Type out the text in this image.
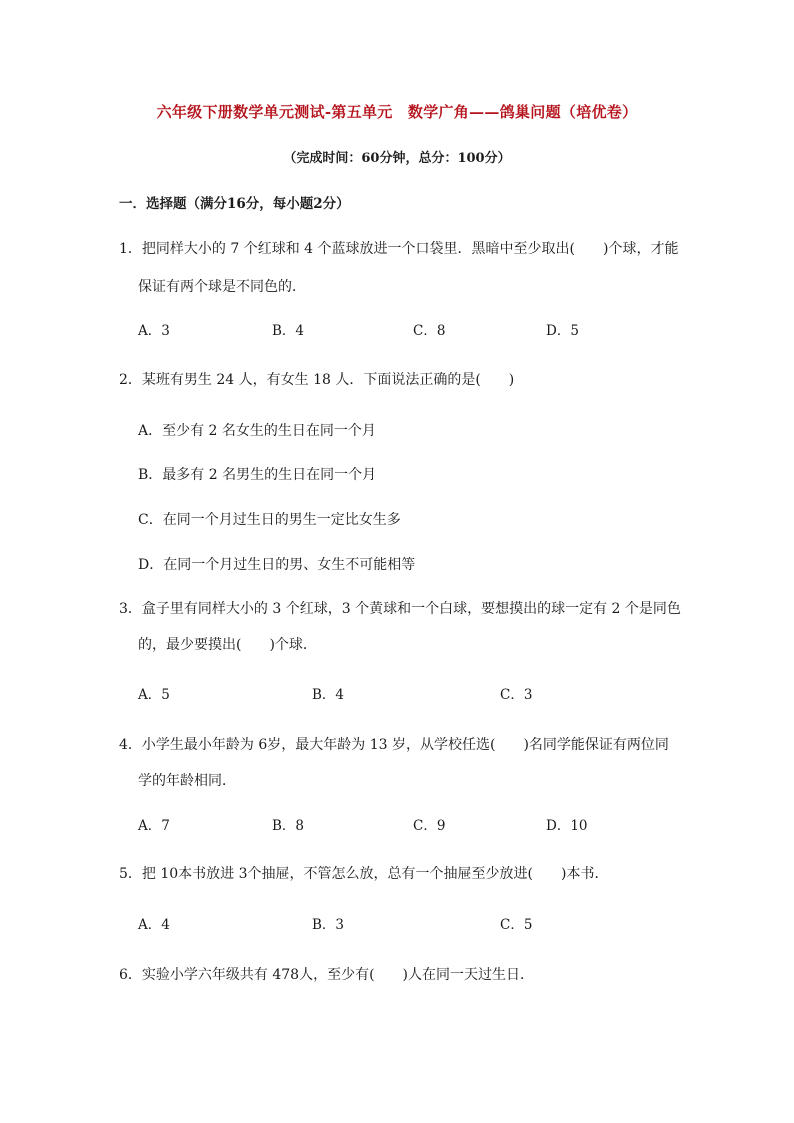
六年级下册数学单元测试-第五单元　数学广角——鸽巢问题（培优卷）
（完成时间：60分钟，总分：100分）
一．选择题（满分16分，每小题2分）
1．把同样大小的 7 个红球和 4 个蓝球放进一个口袋里．黑暗中至少取出(　　)个球，才能
保证有两个球是不同色的．
A．3	B．4	C．8	D．5
2．某班有男生 24 人，有女生 18 人．下面说法正确的是(　　)
A．至少有 2 名女生的生日在同一个月
B．最多有 2 名男生的生日在同一个月
C．在同一个月过生日的男生一定比女生多
D．在同一个月过生日的男、女生不可能相等
3．盒子里有同样大小的 3 个红球，3 个黄球和一个白球，要想摸出的球一定有 2 个是同色
的，最少要摸出(　　)个球．
A．5	B．4	C．3
4．小学生最小年龄为 6岁，最大年龄为 13 岁，从学校任选(　　)名同学能保证有两位同
学的年龄相同．
A．7	B．8	C．9	D．10
5．把 10本书放进 3个抽屉，不管怎么放，总有一个抽屉至少放进(　　)本书．
A．4	B．3	C．5
6．实验小学六年级共有 478人，至少有(　　)人在同一天过生日．
